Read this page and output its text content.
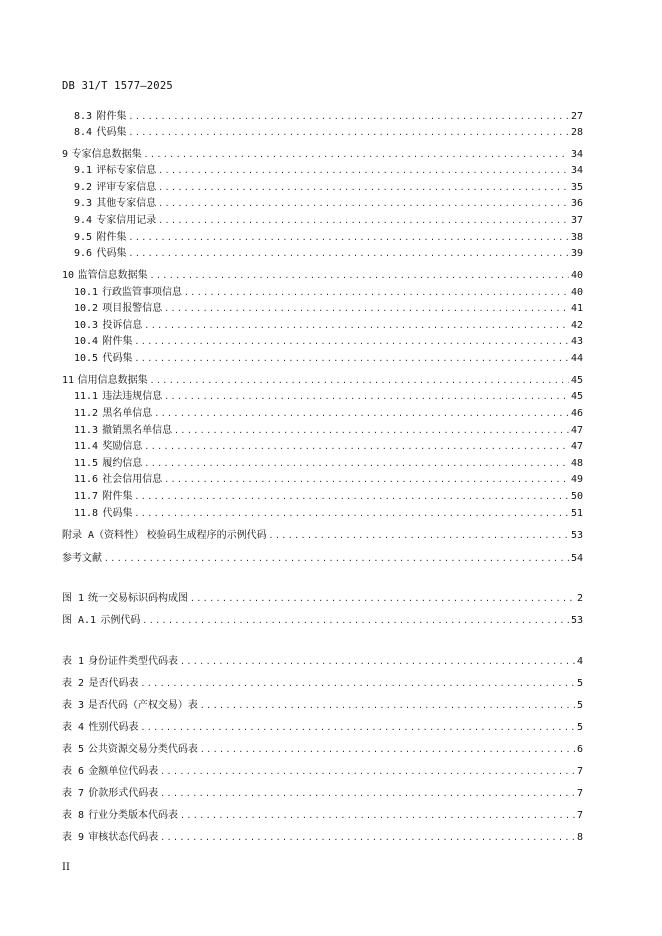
DB 31/T 1577—2025
8.3 附件集 .....	27
8.4 代码集 .....	28
9 专家信息数据集 .....	34
9.1 评标专家信息 .....	34
9.2 评审专家信息 .....	35
9.3 其他专家信息 .....	36
9.4 专家信用记录 .....	37
9.5 附件集 .....	38
9.6 代码集 .....	39
10 监管信息数据集 .....	40
10.1 行政监管事项信息 .....	40
10.2 项目报警信息 .....	41
10.3 投诉信息 .....	42
10.4 附件集 .....	43
10.5 代码集 .....	44
11 信用信息数据集 .....	45
11.1 违法违规信息 .....	45
11.2 黑名单信息 .....	46
11.3 撤销黑名单信息 .....	47
11.4 奖励信息 .....	47
11.5 履约信息 .....	48
11.6 社会信用信息 .....	49
11.7 附件集 .....	50
11.8 代码集 .....	51
附录 A（资料性） 校验码生成程序的示例代码 .....	53
参考文献 .....	54
图 1 统一交易标识码构成图 .....	2
图 A.1 示例代码 .....	53
表 1 身份证件类型代码表 .....	4
表 2 是否代码表 .....	5
表 3 是否代码（产权交易）表 .....	5
表 4 性别代码表 .....	5
表 5 公共资源交易分类代码表 .....	6
表 6 金额单位代码表 .....	7
表 7 价款形式代码表 .....	7
表 8 行业分类版本代码表 .....	7
表 9 审核状态代码表 .....	8
II
